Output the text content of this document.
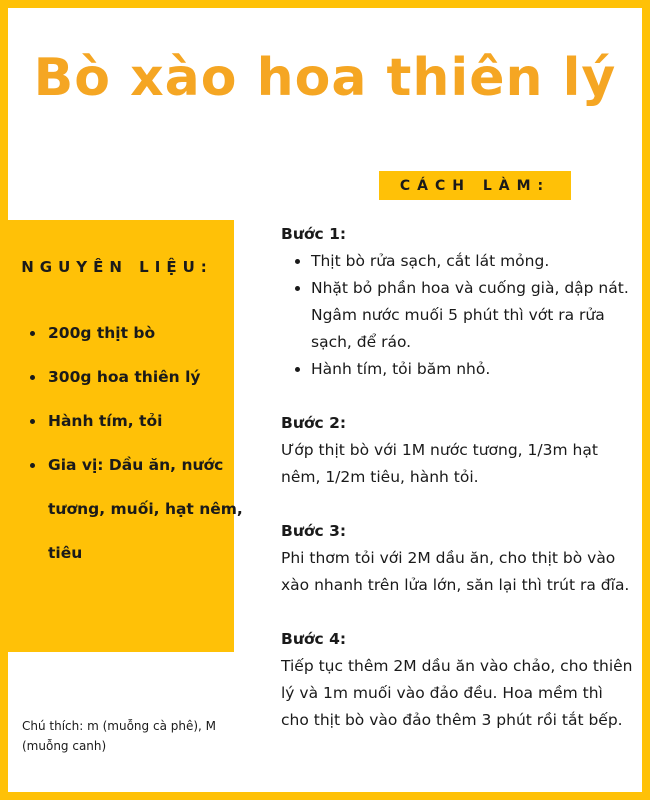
Bò xào hoa thiên lý
CÁCH LÀM:
NGUYÊN LIỆU:
• 200g thịt bò
• 300g hoa thiên lý
• Hành tím, tỏi
• Gia vị: Dầu ăn, nước tương, muối, hạt nêm, tiêu
Chú thích: m (muỗng cà phê), M (muỗng canh)
Bước 1:
• Thịt bò rửa sạch, cắt lát mỏng.
• Nhặt bỏ phần hoa và cuống già, dập nát. Ngâm nước muối 5 phút thì vớt ra rửa sạch, để ráo.
• Hành tím, tỏi băm nhỏ.
Bước 2:
Ướp thịt bò với 1M nước tương, 1/3m hạt nêm, 1/2m tiêu, hành tỏi.
Bước 3:
Phi thơm tỏi với 2M dầu ăn, cho thịt bò vào xào nhanh trên lửa lớn, săn lại thì trút ra đĩa.
Bước 4:
Tiếp tục thêm 2M dầu ăn vào chảo, cho thiên lý và 1m muối vào đảo đều. Hoa mềm thì cho thịt bò vào đảo thêm 3 phút rồi tắt bếp.
